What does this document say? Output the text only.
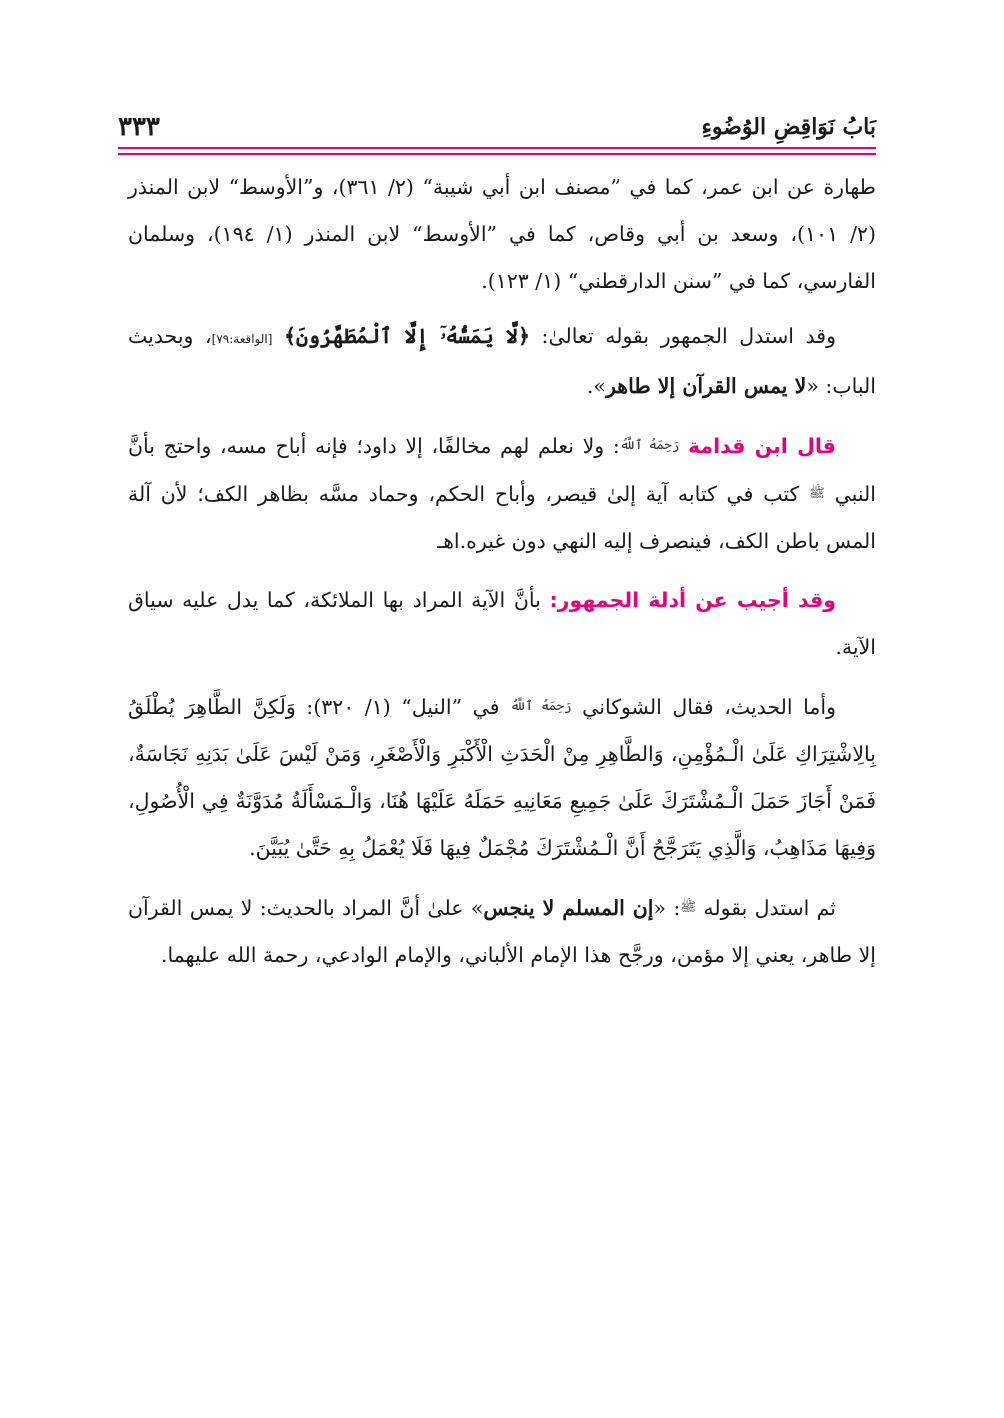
بَابُ نَوَاقِضِ الوُضُوءِ
٣٣٣

طهارة عن ابن عمر، كما في ”مصنف ابن أبي شيبة“ (٢/ ٣٦١)، و”الأوسط“ لابن المنذر (٢/ ١٠١)، وسعد بن أبي وقاص، كما في ”الأوسط“ لابن المنذر (١/ ١٩٤)، وسلمان الفارسي، كما في ”سنن الدارقطني“ (١/ ١٢٣).

وقد استدل الجمهور بقوله تعالىٰ: ﴿لَّا يَمَسُّهُۥٓ إِلَّا ٱلْمُطَهَّرُونَ﴾ [الواقعة:٧٩]، وبحديث الباب: «لا يمس القرآن إلا طاهر».

قال ابن قدامة رَحِمَهُ ٱللَّهُ: ولا نعلم لهم مخالفًا، إلا داود؛ فإنه أباح مسه، واحتج بأنَّ النبي ﷺ كتب في كتابه آية إلىٰ قيصر، وأباح الحكم، وحماد مسَّه بظاهر الكف؛ لأن آلة المس باطن الكف، فينصرف إليه النهي دون غيره.اهـ

وقد أجيب عن أدلة الجمهور: بأنَّ الآية المراد بها الملائكة، كما يدل عليه سياق الآية.

وأما الحديث، فقال الشوكاني رَحِمَهُ ٱللَّهُ في ”النيل“ (١/ ٣٢٠): وَلَكِنَّ الطَّاهِرَ يُطْلَقُ بِالِاشْتِرَاكِ عَلَىٰ الْـمُؤْمِنِ، وَالطَّاهِرِ مِنْ الْحَدَثِ الْأَكْبَرِ وَالْأَصْغَرِ، وَمَنْ لَيْسَ عَلَىٰ بَدَنِهِ نَجَاسَةٌ، فَمَنْ أَجَازَ حَمَلَ الْـمُشْتَرَكَ عَلَىٰ جَمِيعِ مَعَانِيهِ حَمَلَهُ عَلَيْهَا هُنَا، وَالْـمَسْأَلَةُ مُدَوَّنَةٌ فِي الْأُصُولِ، وَفِيهَا مَذَاهِبُ، وَالَّذِي يَتَرَجَّحُ أَنَّ الْـمُشْتَرَكَ مُجْمَلٌ فِيهَا فَلَا يُعْمَلُ بِهِ حَتَّىٰ يُبَيَّنَ.

ثم استدل بقوله ﷺ: «إن المسلم لا ينجس» علىٰ أنَّ المراد بالحديث: لا يمس القرآن إلا طاهر، يعني إلا مؤمن، ورجَّح هذا الإمام الألباني، والإمام الوادعي، رحمة الله عليهما.
